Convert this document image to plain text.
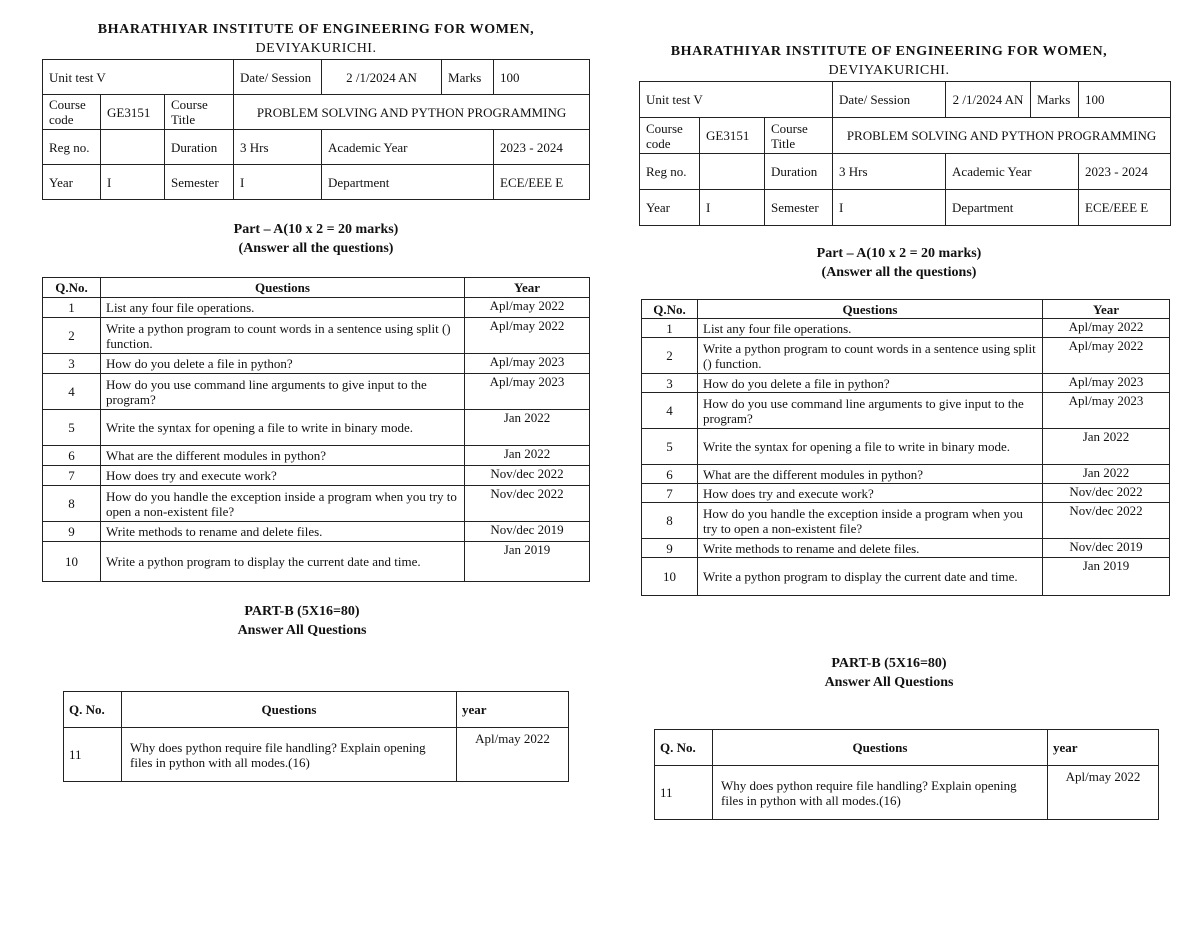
BHARATHIYAR INSTITUTE OF ENGINEERING FOR WOMEN,
DEVIYAKURICHI.
Unit test V			Date/ Session	2 /1/2024 AN	Marks	100
Course code	GE3151	Course Title	PROBLEM SOLVING AND PYTHON PROGRAMMING			
Reg no.		Duration	3 Hrs	Academic Year		2023 - 2024
Year	I	Semester	I	Department		ECE/EEE E
Part – A(10 x 2 = 20 marks)
(Answer all the questions)
Q.No.	Questions	Year
1	List any four file operations.	Apl/may 2022
2	Write a python program to count words in a sentence using split () function.	Apl/may 2022
3	How do you delete a file in python?	Apl/may 2023
4	How do you use command line arguments to give input to the program?	Apl/may 2023
5	Write the syntax for opening a file to write in binary mode.	Jan 2022
6	What are the different modules in python?	Jan 2022
7	How does try and execute work?	Nov/dec 2022
8	How do you handle the exception inside a program when you try to open a non-existent file?	Nov/dec 2022
9	Write methods to rename and delete files.	Nov/dec 2019
10	Write a python program to display the current date and time.	Jan 2019
PART-B (5X16=80)
Answer All Questions
Q. No.	Questions	year
11	Why does python require file handling? Explain opening files in python with all modes.(16)	Apl/may 2022
BHARATHIYAR INSTITUTE OF ENGINEERING FOR WOMEN,
DEVIYAKURICHI.
Unit test V			Date/ Session	2 /1/2024 AN	Marks	100
Course code	GE3151	Course Title	PROBLEM SOLVING AND PYTHON PROGRAMMING			
Reg no.		Duration	3 Hrs	Academic Year		2023 - 2024
Year	I	Semester	I	Department		ECE/EEE E
Part – A(10 x 2 = 20 marks)
(Answer all the questions)
Q.No.	Questions	Year
1	List any four file operations.	Apl/may 2022
2	Write a python program to count words in a sentence using split () function.	Apl/may 2022
3	How do you delete a file in python?	Apl/may 2023
4	How do you use command line arguments to give input to the program?	Apl/may 2023
5	Write the syntax for opening a file to write in binary mode.	Jan 2022
6	What are the different modules in python?	Jan 2022
7	How does try and execute work?	Nov/dec 2022
8	How do you handle the exception inside a program when you try to open a non-existent file?	Nov/dec 2022
9	Write methods to rename and delete files.	Nov/dec 2019
10	Write a python program to display the current date and time.	Jan 2019
PART-B (5X16=80)
Answer All Questions
Q. No.	Questions	year
11	Why does python require file handling? Explain opening files in python with all modes.(16)	Apl/may 2022
